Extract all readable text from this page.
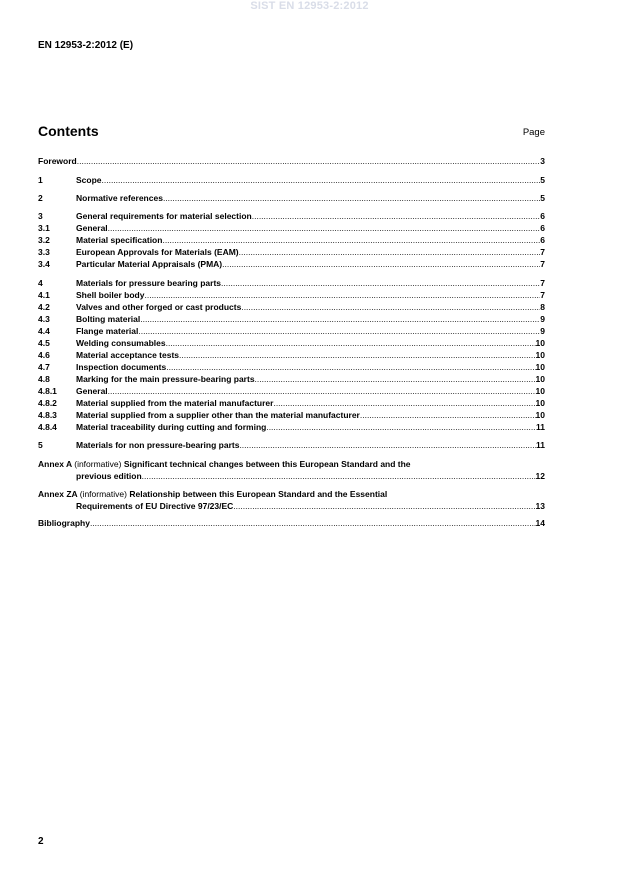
SIST EN 12953-2:2012
EN 12953-2:2012 (E)
Contents	Page
Foreword .....	3
1	Scope .....	5
2	Normative references .....	5
3	General requirements for material selection .....	6
3.1	General .....	6
3.2	Material specification .....	6
3.3	European Approvals for Materials (EAM) .....	7
3.4	Particular Material Appraisals (PMA) .....	7
4	Materials for pressure bearing parts .....	7
4.1	Shell boiler body .....	7
4.2	Valves and other forged or cast products .....	8
4.3	Bolting material .....	9
4.4	Flange material .....	9
4.5	Welding consumables .....	10
4.6	Material acceptance tests .....	10
4.7	Inspection documents .....	10
4.8	Marking for the main pressure-bearing parts .....	10
4.8.1	General .....	10
4.8.2	Material supplied from the material manufacturer .....	10
4.8.3	Material supplied from a supplier other than the material manufacturer .....	10
4.8.4	Material traceability during cutting and forming .....	11
5	Materials for non pressure-bearing parts .....	11
Annex A (informative) Significant technical changes between this European Standard and the
previous edition .....	12
Annex ZA (informative) Relationship between this European Standard and the Essential
Requirements of EU Directive 97/23/EC .....	13
Bibliography .....	14
2
